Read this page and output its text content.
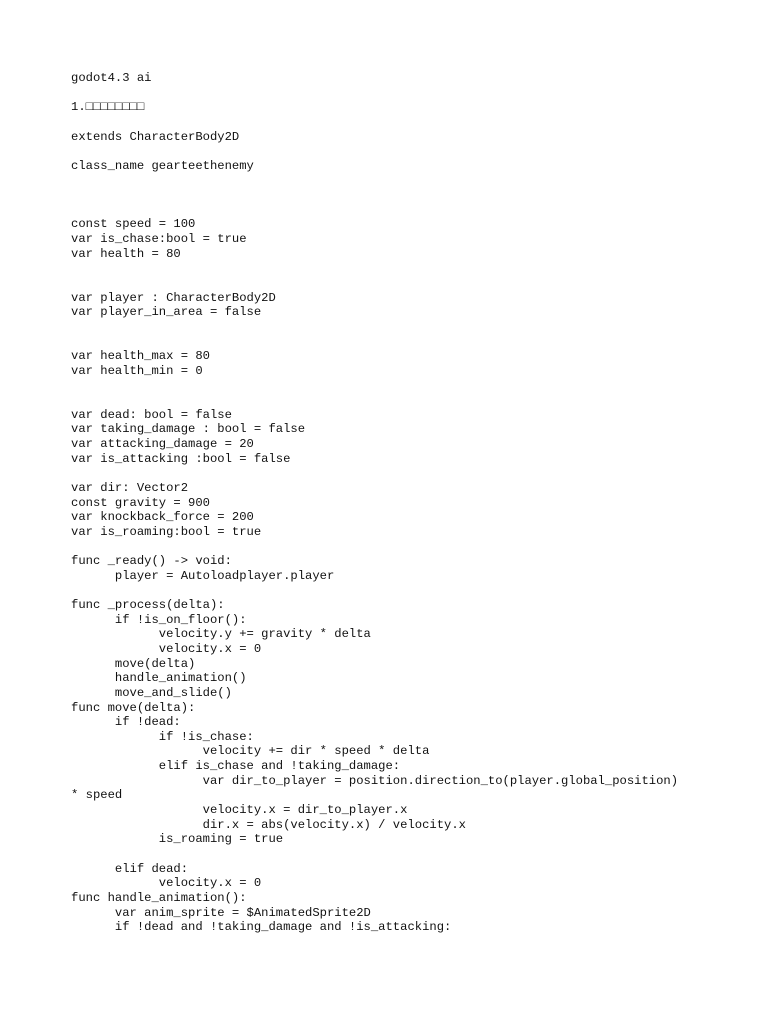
godot4.3 ai
1.□□□□□□□□
extends CharacterBody2D
class_name gearteethenemy
const speed = 100
var is_chase:bool = true
var health = 80
var player : CharacterBody2D
var player_in_area = false
var health_max = 80
var health_min = 0
var dead: bool = false
var taking_damage : bool = false
var attacking_damage = 20
var is_attacking :bool = false
var dir: Vector2
const gravity = 900
var knockback_force = 200
var is_roaming:bool = true
func _ready() -> void:
	player = Autoloadplayer.player
func _process(delta):
	if !is_on_floor():
		velocity.y += gravity * delta
		velocity.x = 0
	move(delta)
	handle_animation()
	move_and_slide()
func move(delta):
	if !dead:
		if !is_chase:
			velocity += dir * speed * delta
		elif is_chase and !taking_damage:
			var dir_to_player = position.direction_to(player.global_position)
* speed
			velocity.x = dir_to_player.x
			dir.x = abs(velocity.x) / velocity.x
		is_roaming = true
	elif dead:
		velocity.x = 0
func handle_animation():
	var anim_sprite = $AnimatedSprite2D
	if !dead and !taking_damage and !is_attacking:
